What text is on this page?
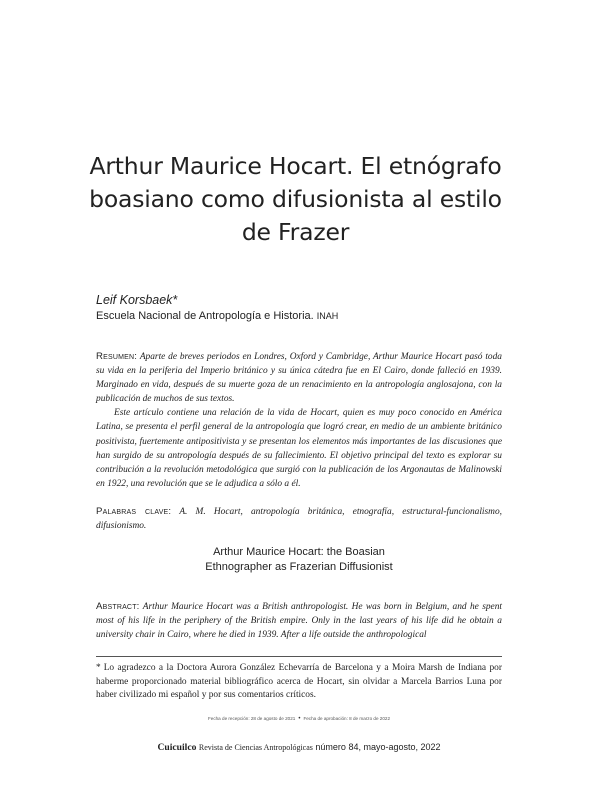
Arthur Maurice Hocart. El etnógrafo
boasiano como difusionista al estilo
de Frazer
Leif Korsbaek*
Escuela Nacional de Antropología e Historia. INAH

Resumen: Aparte de breves periodos en Londres, Oxford y Cambridge, Arthur Maurice Hocart pasó toda su vida en la periferia del Imperio británico y su única cátedra fue en El Cairo, donde falleció en 1939. Marginado en vida, después de su muerte goza de un renacimiento en la antropología anglosajona, con la publicación de muchos de sus textos.

Este artículo contiene una relación de la vida de Hocart, quien es muy poco conocido en América Latina, se presenta el perfil general de la antropología que logró crear, en medio de un ambiente británico positivista, fuertemente antipositivista y se presentan los elementos más importantes de las discusiones que han surgido de su antropología después de su fallecimiento. El objetivo principal del texto es explorar su contribución a la revolución metodológica que surgió con la publicación de los Argonautas de Malinowski en 1922, una revolución que se le adjudica a sólo a él.

Palabras clave: A. M. Hocart, antropología británica, etnografía, estructural-funcionalismo, difusionismo.

Arthur Maurice Hocart: the Boasian
Ethnographer as Frazerian Diffusionist

Abstract: Arthur Maurice Hocart was a British anthropologist. He was born in Belgium, and he spent most of his life in the periphery of the British empire. Only in the last years of his life did he obtain a university chair in Cairo, where he died in 1939. After a life outside the anthropological

* Lo agradezco a la Doctora Aurora González Echevarría de Barcelona y a Moira Marsh de Indiana por haberme proporcionado material bibliográfico acerca de Hocart, sin olvidar a Marcela Barrios Luna por haber civilizado mi español y por sus comentarios críticos.
Fecha de recepción: 28 de agosto de 2021 • Fecha de aprobación: 8 de marzo de 2022
Cuicuilco Revista de Ciencias Antropológicas número 84, mayo-agosto, 2022
